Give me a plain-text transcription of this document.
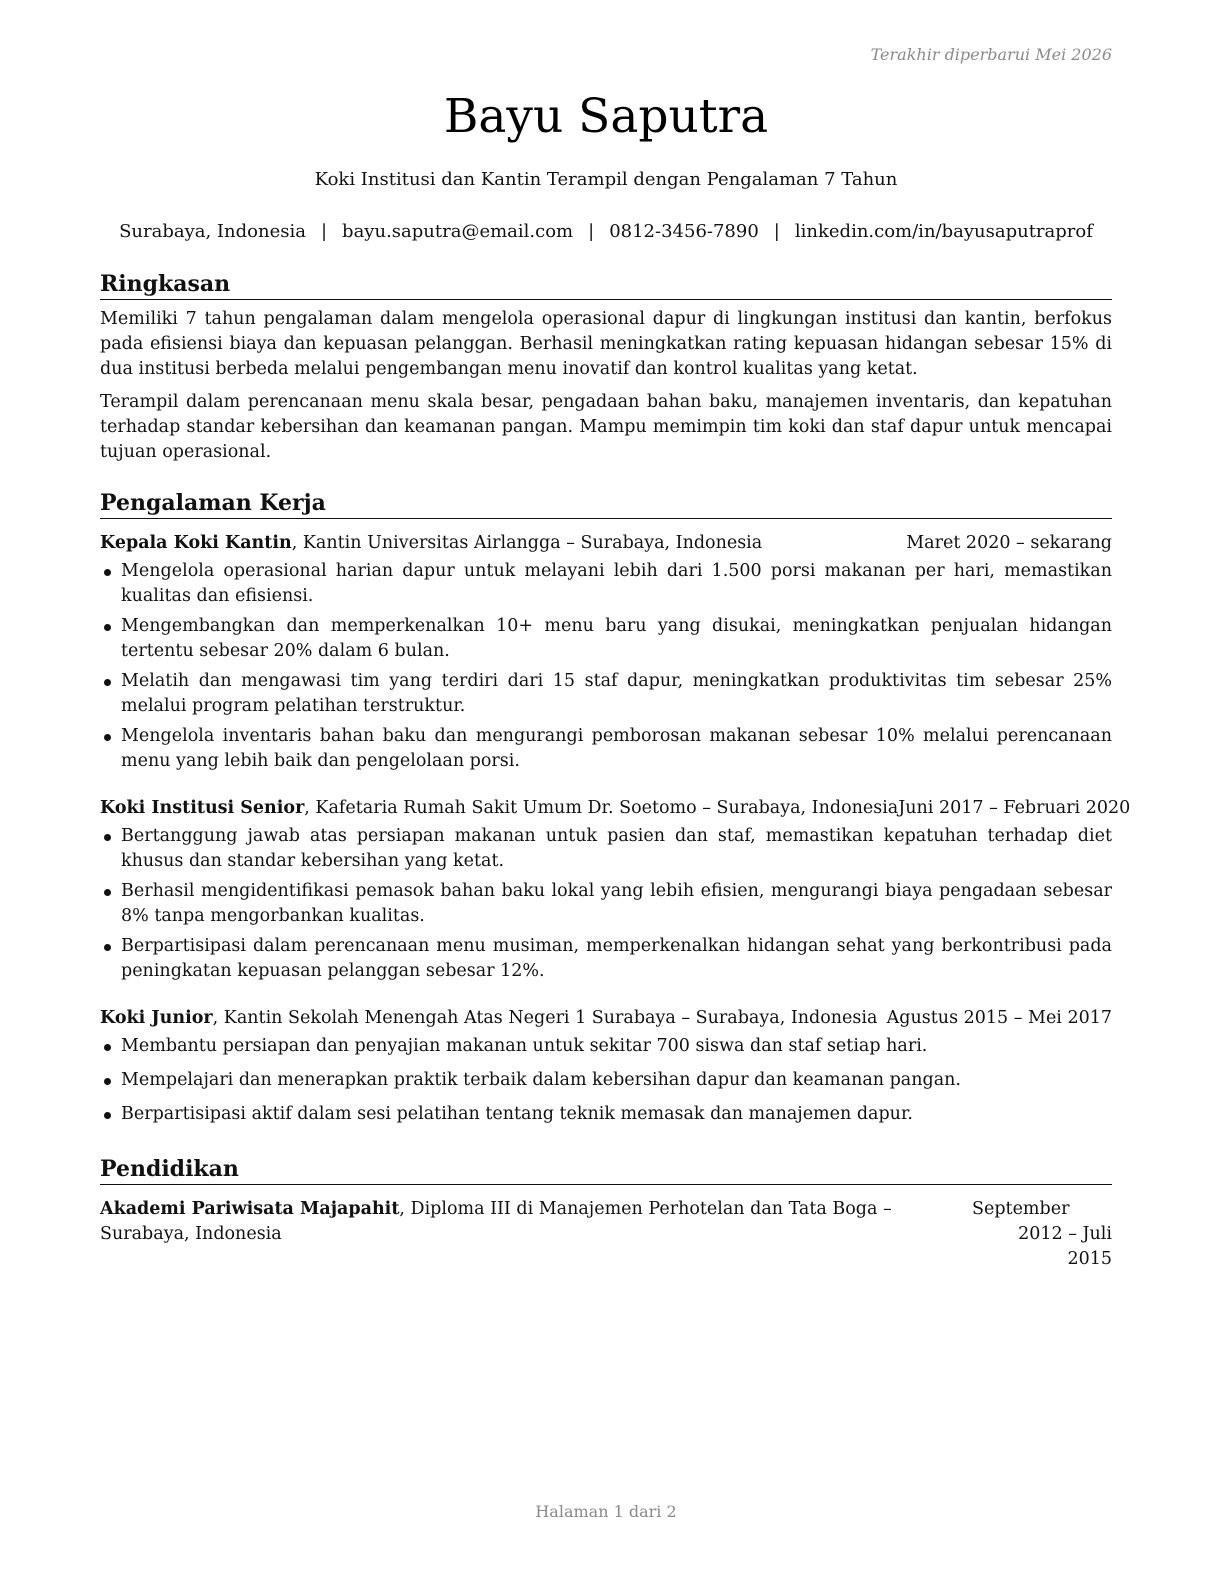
Terakhir diperbarui Mei 2026
Bayu Saputra
Koki Institusi dan Kantin Terampil dengan Pengalaman 7 Tahun
Surabaya, Indonesia | bayu.saputra@email.com | 0812-3456-7890 | linkedin.com/in/bayusaputraprof
Ringkasan

Memiliki 7 tahun pengalaman dalam mengelola operasional dapur di lingkungan institusi dan kantin, berfokus pada efisiensi biaya dan kepuasan pelanggan. Berhasil meningkatkan rating kepuasan hidangan sebesar 15% di dua institusi berbeda melalui pengembangan menu inovatif dan kontrol kualitas yang ketat.

Terampil dalam perencanaan menu skala besar, pengadaan bahan baku, manajemen inventaris, dan kepatuhan terhadap standar kebersihan dan keamanan pangan. Mampu memimpin tim koki dan staf dapur untuk mencapai tujuan operasional.

Pengalaman Kerja
Kepala Koki Kantin, Kantin Universitas Airlangga – Surabaya, Indonesia	Maret 2020 – sekarang
Mengelola operasional harian dapur untuk melayani lebih dari 1.500 porsi makanan per hari, memastikan kualitas dan efisiensi.
Mengembangkan dan memperkenalkan 10+ menu baru yang disukai, meningkatkan penjualan hidangan tertentu sebesar 20% dalam 6 bulan.
Melatih dan mengawasi tim yang terdiri dari 15 staf dapur, meningkatkan produktivitas tim sebesar 25% melalui program pelatihan terstruktur.
Mengelola inventaris bahan baku dan mengurangi pemborosan makanan sebesar 10% melalui perencanaan menu yang lebih baik dan pengelolaan porsi.
Koki Institusi Senior, Kafetaria Rumah Sakit Umum Dr. Soetomo – Surabaya, Indonesia Juni 2017 – Februari 2020
Bertanggung jawab atas persiapan makanan untuk pasien dan staf, memastikan kepatuhan terhadap diet khusus dan standar kebersihan yang ketat.
Berhasil mengidentifikasi pemasok bahan baku lokal yang lebih efisien, mengurangi biaya pengadaan sebesar 8% tanpa mengorbankan kualitas.
Berpartisipasi dalam perencanaan menu musiman, memperkenalkan hidangan sehat yang berkontribusi pada peningkatan kepuasan pelanggan sebesar 12%.
Koki Junior, Kantin Sekolah Menengah Atas Negeri 1 Surabaya – Surabaya, Indonesia Agustus 2015 – Mei 2017
Membantu persiapan dan penyajian makanan untuk sekitar 700 siswa dan staf setiap hari.
Mempelajari dan menerapkan praktik terbaik dalam kebersihan dapur dan keamanan pangan.
Berpartisipasi aktif dalam sesi pelatihan tentang teknik memasak dan manajemen dapur.
Pendidikan
Akademi Pariwisata Majapahit, Diploma III di Manajemen Perhotelan dan Tata Boga – Surabaya, Indonesia
September 2012 – Juli
2015
Halaman 1 dari 2
